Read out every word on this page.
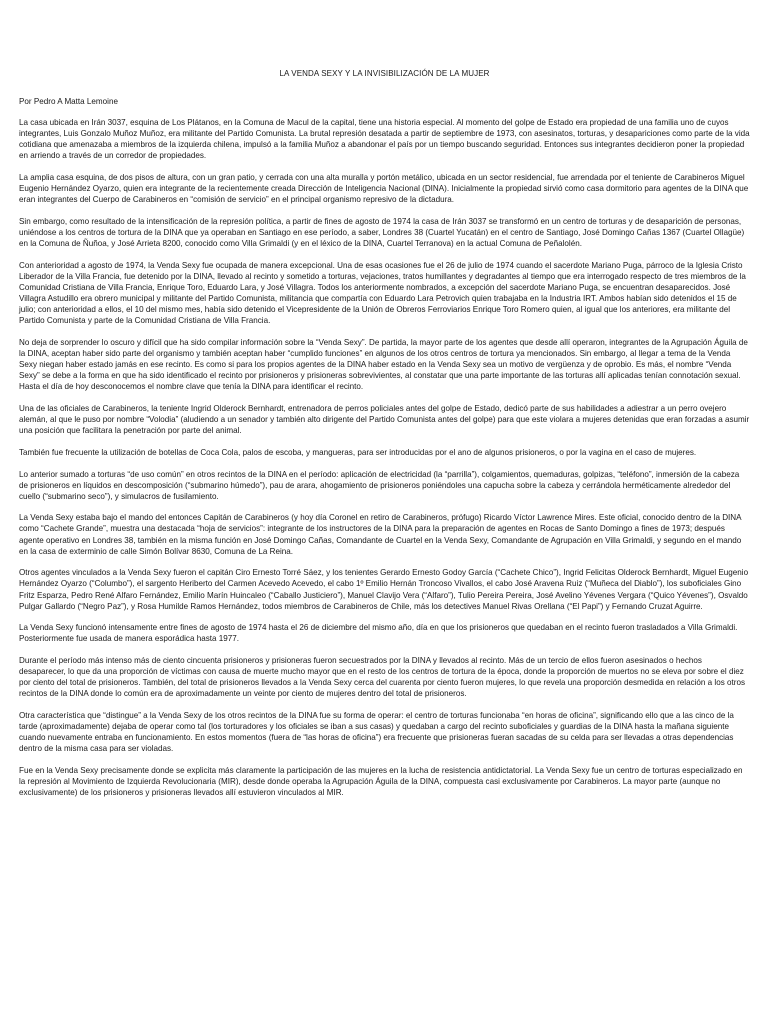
LA VENDA SEXY Y LA INVISIBILIZACIÓN DE LA MUJER
Por Pedro A Matta Lemoine
La casa ubicada en Irán 3037, esquina de Los Plátanos, en la Comuna de Macul de la capital, tiene una historia especial. Al momento del golpe de Estado era propiedad de una familia uno de cuyos integrantes, Luis Gonzalo Muñoz Muñoz, era militante del Partido Comunista. La brutal represión desatada a partir de septiembre de 1973, con asesinatos, torturas, y desapariciones como parte de la vida cotidiana que amenazaba a miembros de la izquierda chilena, impulsó a la familia Muñoz a abandonar el país por un tiempo buscando seguridad. Entonces sus integrantes decidieron poner la propiedad en arriendo a través de un corredor de propiedades.
La amplia casa esquina, de dos pisos de altura, con un gran patio, y cerrada con una alta muralla y portón metálico, ubicada en un sector residencial, fue arrendada por el teniente de Carabineros Miguel Eugenio Hernández Oyarzo, quien era integrante de la recientemente creada Dirección de Inteligencia Nacional (DINA). Inicialmente la propiedad sirvió como casa dormitorio para agentes de la DINA que eran integrantes del Cuerpo de Carabineros en “comisión de servicio” en el principal organismo represivo de la dictadura.
Sin embargo, como resultado de la intensificación de la represión política, a partir de fines de agosto de 1974 la casa de Irán 3037 se transformó en un centro de torturas y de desaparición de personas, uniéndose a los centros de tortura de la DINA que ya operaban en Santiago en ese período, a saber, Londres 38 (Cuartel Yucatán) en el centro de Santiago, José Domingo Cañas 1367 (Cuartel Ollagüe) en la Comuna de Ñuñoa, y José Arrieta 8200, conocido como Villa Grimaldi (y en el léxico de la DINA, Cuartel Terranova) en la actual Comuna de Peñalolén.
Con anterioridad a agosto de 1974, la Venda Sexy fue ocupada de manera excepcional. Una de esas ocasiones fue el 26 de julio de 1974 cuando el sacerdote Mariano Puga, párroco de la Iglesia Cristo Liberador de la Villa Francia, fue detenido por la DINA, llevado al recinto y sometido a torturas, vejaciones, tratos humillantes y degradantes al tiempo que era interrogado respecto de tres miembros de la Comunidad Cristiana de Villa Francia, Enrique Toro, Eduardo Lara, y José Villagra. Todos los anteriormente nombrados, a excepción del sacerdote Mariano Puga, se encuentran desaparecidos. José Villagra Astudillo era obrero municipal y militante del Partido Comunista, militancia que compartía con Eduardo Lara Petrovich quien trabajaba en la Industria IRT. Ambos habían sido detenidos el 15 de julio; con anterioridad a ellos, el 10 del mismo mes, había sido detenido el Vicepresidente de la Unión de Obreros Ferroviarios Enrique Toro Romero quien, al igual que los anteriores, era militante del Partido Comunista y parte de la Comunidad Cristiana de Villa Francia.
No deja de sorprender lo oscuro y difícil que ha sido compilar información sobre la “Venda Sexy”. De partida, la mayor parte de los agentes que desde allí operaron, integrantes de la Agrupación Águila de la DINA, aceptan haber sido parte del organismo y también aceptan haber “cumplido funciones” en algunos de los otros centros de tortura ya mencionados. Sin embargo, al llegar a tema de la Venda Sexy niegan haber estado jamás en ese recinto. Es como si para los propios agentes de la DINA haber estado en la Venda Sexy sea un motivo de vergüenza y de oprobio. Es más, el nombre “Venda Sexy” se debe a la forma en que ha sido identificado el recinto por prisioneros y prisioneras sobrevivientes, al constatar que una parte importante de las torturas allí aplicadas tenían connotación sexual. Hasta el día de hoy desconocemos el nombre clave que tenía la DINA para identificar el recinto.
Una de las oficiales de Carabineros, la teniente Ingrid Olderock Bernhardt, entrenadora de perros policiales antes del golpe de Estado, dedicó parte de sus habilidades a adiestrar a un perro ovejero alemán, al que le puso por nombre “Volodia” (aludiendo a un senador y también alto dirigente del Partido Comunista antes del golpe) para que este violara a mujeres detenidas que eran forzadas a asumir una posición que facilitara la penetración por parte del animal.
También fue frecuente la utilización de botellas de Coca Cola, palos de escoba, y mangueras, para ser introducidas por el ano de algunos prisioneros, o por la vagina en el caso de mujeres.
Lo anterior sumado a torturas “de uso común” en otros recintos de la DINA en el período: aplicación de electricidad (la “parrilla”), colgamientos, quemaduras, golpizas, “teléfono”, inmersión de la cabeza de prisioneros en líquidos en descomposición (“submarino húmedo”), pau de arara, ahogamiento de prisioneros poniéndoles una capucha sobre la cabeza y cerrándola herméticamente alrededor del cuello (“submarino seco”), y simulacros de fusilamiento.
La Venda Sexy estaba bajo el mando del entonces Capitán de Carabineros (y hoy día Coronel en retiro de Carabineros, prófugo) Ricardo Víctor Lawrence Mires. Este oficial, conocido dentro de la DINA como “Cachete Grande”, muestra una destacada “hoja de servicios”: integrante de los instructores de la DINA para la preparación de agentes en Rocas de Santo Domingo a fines de 1973; después agente operativo en Londres 38, también en la misma función en José Domingo Cañas, Comandante de Cuartel en la Venda Sexy, Comandante de Agrupación en Villa Grimaldi, y segundo en el mando en la casa de exterminio de calle Simón Bolívar 8630, Comuna de La Reina.
Otros agentes vinculados a la Venda Sexy fueron el capitán Ciro Ernesto Torré Sáez, y los tenientes Gerardo Ernesto Godoy García (“Cachete Chico”), Ingrid Felicitas Olderock Bernhardt, Miguel Eugenio Hernández Oyarzo (“Columbo”), el sargento Heriberto del Carmen Acevedo Acevedo, el cabo 1º Emilio Hernán Troncoso Vivallos, el cabo José Aravena Ruiz (“Muñeca del Diablo”), los suboficiales Gino Fritz Esparza, Pedro René Alfaro Fernández, Emilio Marín Huincaleo (“Caballo Justiciero”), Manuel Clavijo Vera (“Alfaro”), Tulio Pereira Pereira, José Avelino Yévenes Vergara (“Quico Yévenes”), Osvaldo Pulgar Gallardo (“Negro Paz”), y Rosa Humilde Ramos Hernández, todos miembros de Carabineros de Chile, más los detectives Manuel Rivas Orellana (“El Papi”) y Fernando Cruzat Aguirre.
La Venda Sexy funcionó intensamente entre fines de agosto de 1974 hasta el 26 de diciembre del mismo año, día en que los prisioneros que quedaban en el recinto fueron trasladados a Villa Grimaldi. Posteriormente fue usada de manera esporádica hasta 1977.
Durante el período más intenso más de ciento cincuenta prisioneros y prisioneras fueron secuestrados por la DINA y llevados al recinto. Más de un tercio de ellos fueron asesinados o hechos desaparecer, lo que da una proporción de víctimas con causa de muerte mucho mayor que en el resto de los centros de tortura de la época, donde la proporción de muertos no se eleva por sobre el diez por ciento del total de prisioneros. También, del total de prisioneros llevados a la Venda Sexy cerca del cuarenta por ciento fueron mujeres, lo que revela una proporción desmedida en relación a los otros recintos de la DINA donde lo común era de aproximadamente un veinte por ciento de mujeres dentro del total de prisioneros.
Otra característica que “distingue” a la Venda Sexy de los otros recintos de la DINA fue su forma de operar: el centro de torturas funcionaba “en horas de oficina”, significando ello que a las cinco de la tarde (aproximadamente) dejaba de operar como tal (los torturadores y los oficiales se iban a sus casas) y quedaban a cargo del recinto suboficiales y guardias de la DINA hasta la mañana siguiente cuando nuevamente entraba en funcionamiento. En estos momentos (fuera de “las horas de oficina”) era frecuente que prisioneras fueran sacadas de su celda para ser llevadas a otras dependencias dentro de la misma casa para ser violadas.
Fue en la Venda Sexy precisamente donde se explicita más claramente la participación de las mujeres en la lucha de resistencia antidictatorial. La Venda Sexy fue un centro de torturas especializado en la represión al Movimiento de Izquierda Revolucionaria (MIR), desde donde operaba la Agrupación Águila de la DINA, compuesta casi exclusivamente por Carabineros. La mayor parte (aunque no exclusivamente) de los prisioneros y prisioneras llevados allí estuvieron vinculados al MIR.
